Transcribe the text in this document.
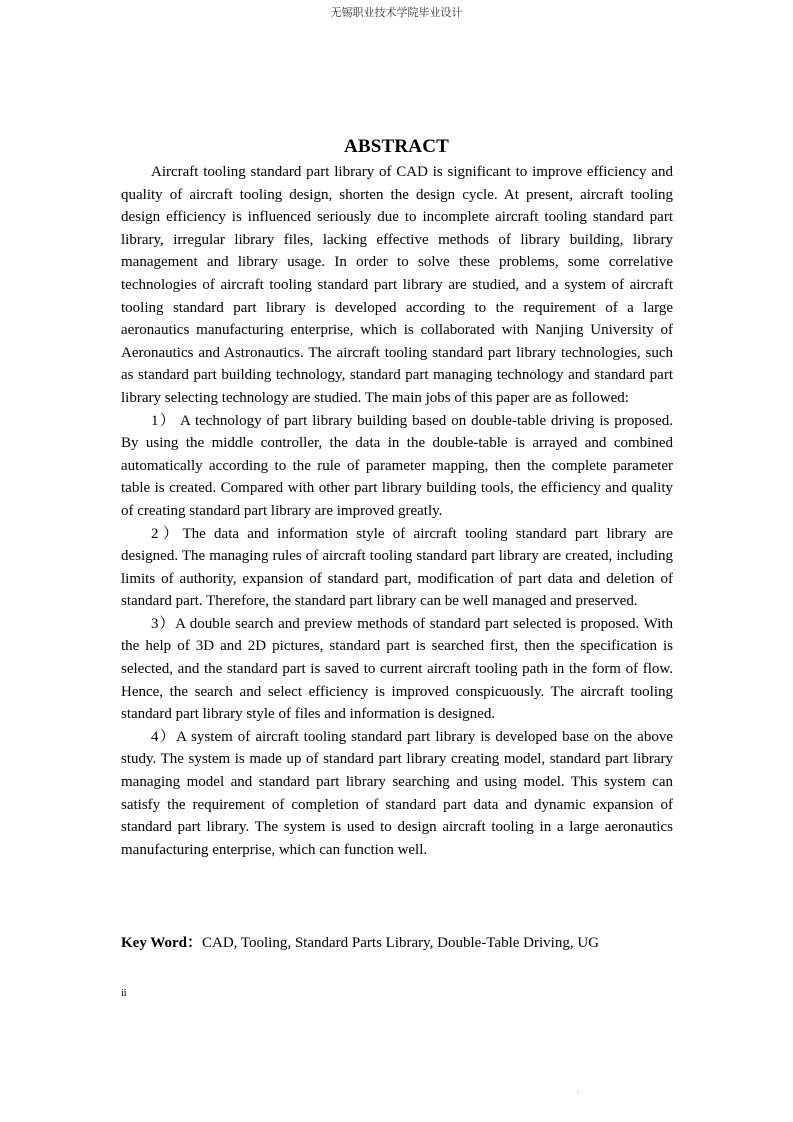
无锡职业技术学院毕业设计
ABSTRACT

Aircraft tooling standard part library of CAD is significant to improve efficiency and quality of aircraft tooling design, shorten the design cycle. At present, aircraft tooling design efficiency is influenced seriously due to incomplete aircraft tooling standard part library, irregular library files, lacking effective methods of library building, library management and library usage. In order to solve these problems, some correlative technologies of aircraft tooling standard part library are studied, and a system of aircraft tooling standard part library is developed according to the requirement of a large aeronautics manufacturing enterprise, which is collaborated with Nanjing University of Aeronautics and Astronautics. The aircraft tooling standard part library technologies, such as standard part building technology, standard part managing technology and standard part library selecting technology are studied. The main jobs of this paper are as followed:

1） A technology of part library building based on double-table driving is proposed. By using the middle controller, the data in the double-table is arrayed and combined automatically according to the rule of parameter mapping, then the complete parameter table is created. Compared with other part library building tools, the efficiency and quality of creating standard part library are improved greatly.

2）The data and information style of aircraft tooling standard part library are designed. The managing rules of aircraft tooling standard part library are created, including limits of authority, expansion of standard part, modification of part data and deletion of standard part. Therefore, the standard part library can be well managed and preserved.

3）A double search and preview methods of standard part selected is proposed. With the help of 3D and 2D pictures, standard part is searched first, then the specification is selected, and the standard part is saved to current aircraft tooling path in the form of flow. Hence, the search and select efficiency is improved conspicuously. The aircraft tooling standard part library style of files and information is designed.

4）A system of aircraft tooling standard part library is developed base on the above study. The system is made up of standard part library creating model, standard part library managing model and standard part library searching and using model. This system can satisfy the requirement of completion of standard part data and dynamic expansion of standard part library. The system is used to design aircraft tooling in a large aeronautics manufacturing enterprise, which can function well.

Key Word：CAD, Tooling, Standard Parts Library, Double-Table Driving, UG
ii
/
